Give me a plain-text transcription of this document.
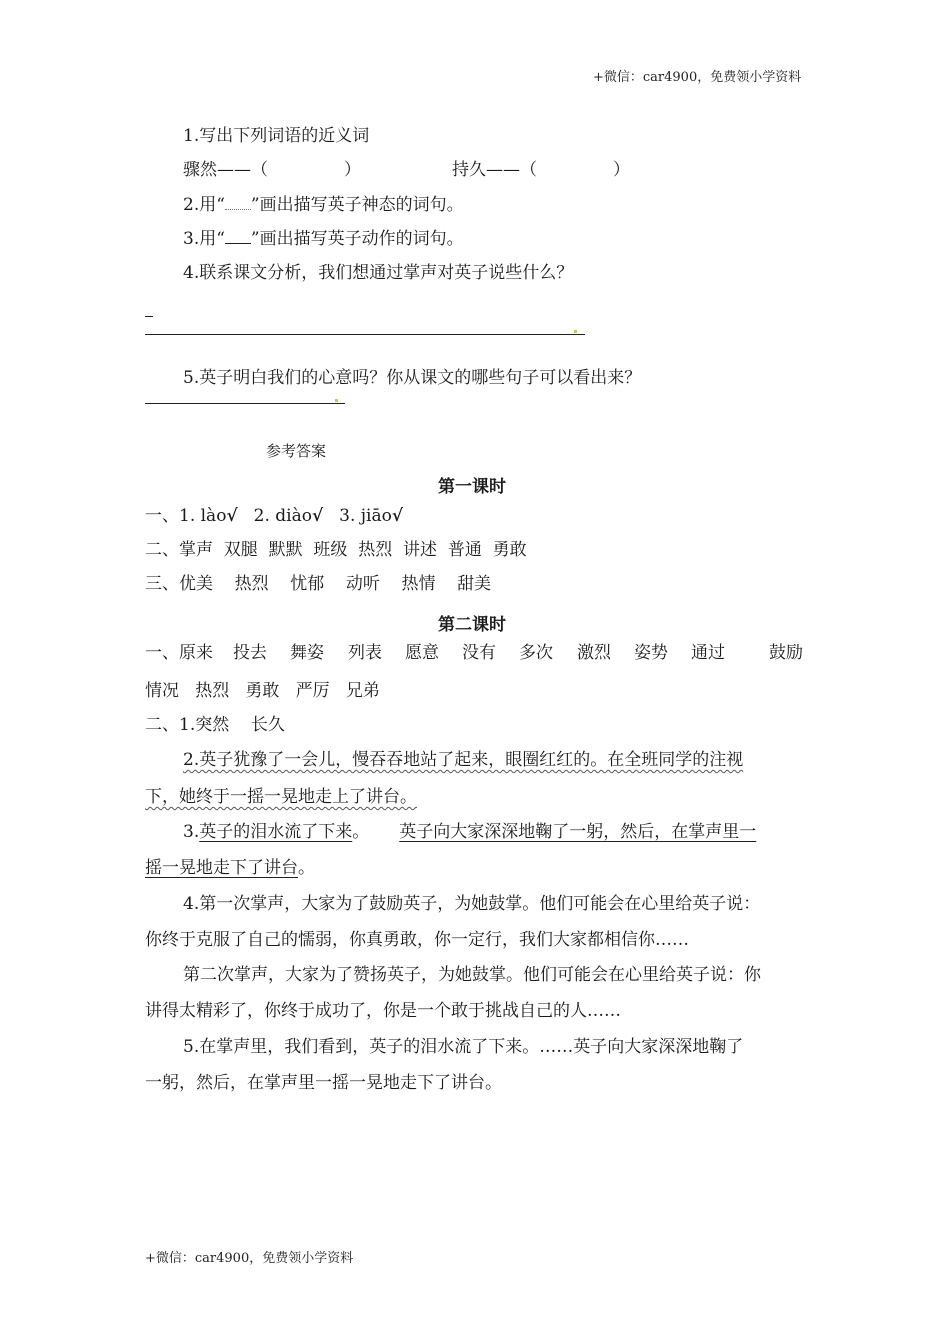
+微信：car4900，免费领小学资料
1.写出下列词语的近义词
骤然——（	）	持久——（	）
2.用“ ”画出描写英子神态的词句。
3.用“ ”画出描写英子动作的词句。
4.联系课文分析，我们想通过掌声对英子说些什么？
5.英子明白我们的心意吗？你从课文的哪些句子可以看出来？
参考答案
第一课时
一、1. lào√ 2. diào√ 3. jiāo√
二、掌声  双腿  默默  班级  热烈  讲述  普通  勇敢
三、优美    热烈    忧郁    动听    热情    甜美
第二课时
一、原来 投去 舞姿 列表 愿意 没有 多次 激烈 姿势 通过	鼓励
情况   热烈   勇敢   严厉   兄弟
二、1.突然    长久
2.英子犹豫了一会儿，慢吞吞地站了起来，眼圈红红的。在全班同学的注视
下，她终于一摇一晃地走上了讲台。
3.英子的泪水流了下来。 英子向大家深深地鞠了一躬，然后，在掌声里一
摇一晃地走下了讲台。
4.第一次掌声，大家为了鼓励英子，为她鼓掌。他们可能会在心里给英子说：
你终于克服了自己的懦弱，你真勇敢，你一定行，我们大家都相信你……
第二次掌声，大家为了赞扬英子，为她鼓掌。他们可能会在心里给英子说：你
讲得太精彩了，你终于成功了，你是一个敢于挑战自己的人……
5.在掌声里，我们看到，英子的泪水流了下来。……英子向大家深深地鞠了
一躬，然后，在掌声里一摇一晃地走下了讲台。
+微信：car4900，免费领小学资料
